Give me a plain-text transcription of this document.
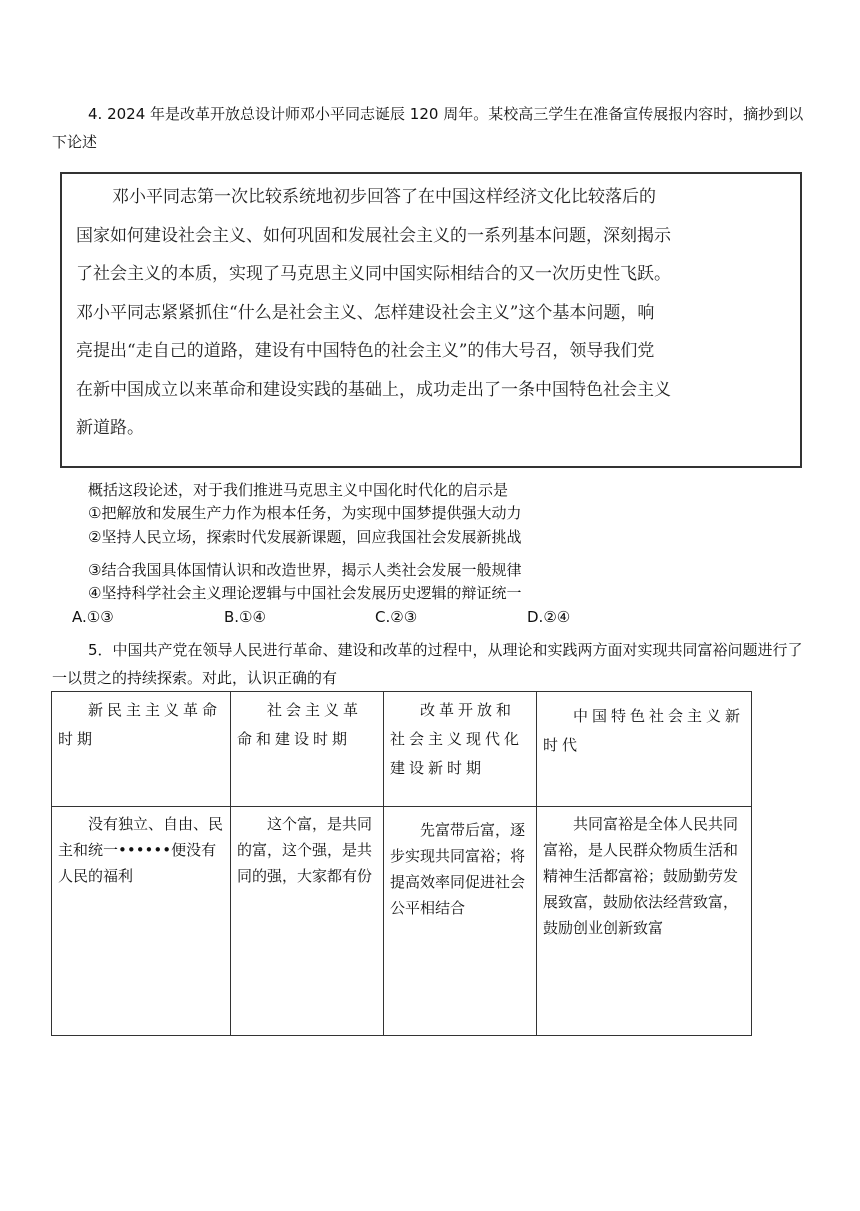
4. 2024 年是改革开放总设计师邓小平同志诞辰 120 周年。某校高三学生在准备宣传展报内容时，摘抄到以下论述

邓小平同志第一次比较系统地初步回答了在中国这样经济文化比较落后的

国家如何建设社会主义、如何巩固和发展社会主义的一系列基本问题，深刻揭示
了社会主义的本质，实现了马克思主义同中国实际相结合的又一次历史性飞跃。
邓小平同志紧紧抓住“什么是社会主义、怎样建设社会主义”这个基本问题，响
亮提出“走自己的道路，建设有中国特色的社会主义”的伟大号召，领导我们党
在新中国成立以来革命和建设实践的基础上，成功走出了一条中国特色社会主义
新道路。
概括这段论述，对于我们推进马克思主义中国化时代化的启示是
①把解放和发展生产力作为根本任务，为实现中国梦提供强大动力
②坚持人民立场，探索时代发展新课题，回应我国社会发展新挑战
③结合我国具体国情认识和改造世界，揭示人类社会发展一般规律
④坚持科学社会主义理论逻辑与中国社会发展历史逻辑的辩证统一
A.①③	B.①④	C.②③	D.②④
5．中国共产党在领导人民进行革命、建设和改革的过程中，从理论和实践两方面对实现共同富裕问题进行了一以贯之的持续探索。对此，认识正确的有
新民主主义革命时期	社会主义革命和建设时期	改革开放和社会主义现代化建设新时期	中国特色社会主义新时代
没有独立、自由、民主和统一••••••便没有人民的福利	这个富，是共同的富，这个强，是共同的强，大家都有份	先富带后富，逐步实现共同富裕；将提高效率同促进社会公平相结合	共同富裕是全体人民共同富裕，是人民群众物质生活和精神生活都富裕；鼓励勤劳发展致富，鼓励依法经营致富，鼓励创业创新致富
